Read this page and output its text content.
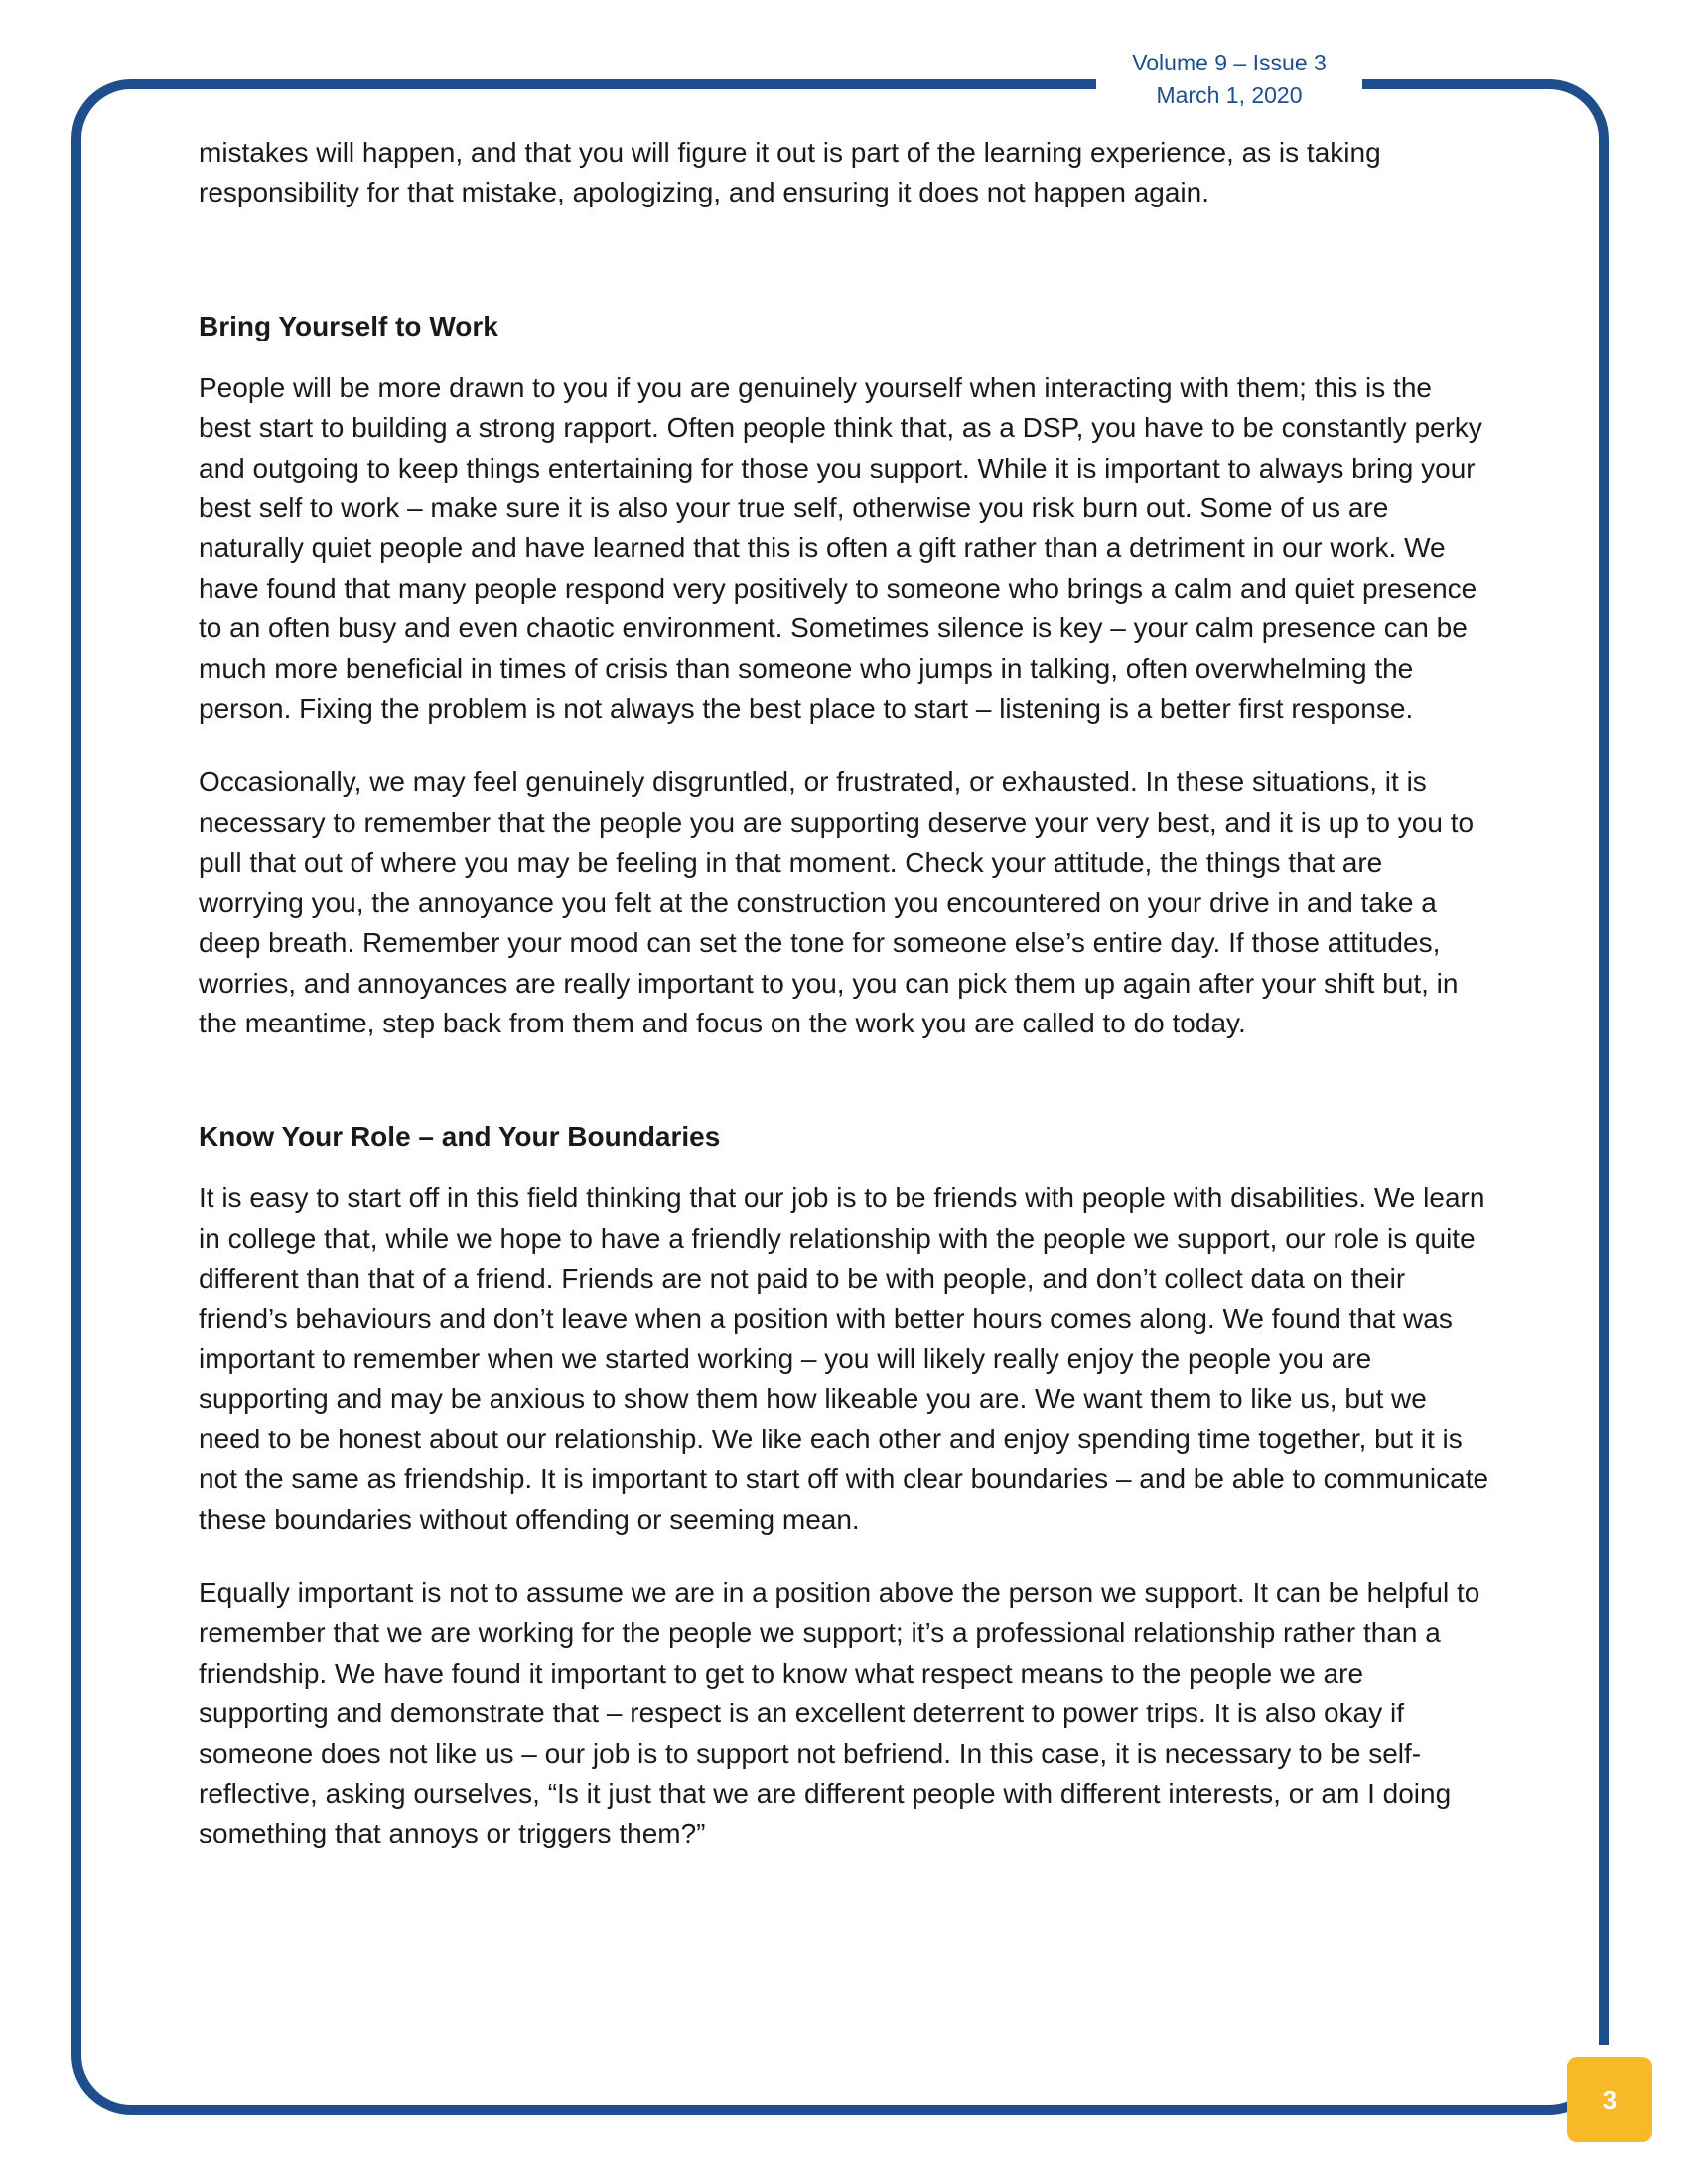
Volume 9 – Issue 3
March 1, 2020

mistakes will happen, and that you will figure it out is part of the learning experience, as is taking responsibility for that mistake, apologizing, and ensuring it does not happen again.

Bring Yourself to Work

People will be more drawn to you if you are genuinely yourself when interacting with them; this is the best start to building a strong rapport. Often people think that, as a DSP, you have to be constantly perky and outgoing to keep things entertaining for those you support. While it is important to always bring your best self to work – make sure it is also your true self, otherwise you risk burn out. Some of us are naturally quiet people and have learned that this is often a gift rather than a detriment in our work. We have found that many people respond very positively to someone who brings a calm and quiet presence to an often busy and even chaotic environment. Sometimes silence is key – your calm presence can be much more beneficial in times of crisis than someone who jumps in talking, often overwhelming the person. Fixing the problem is not always the best place to start – listening is a better first response.

Occasionally, we may feel genuinely disgruntled, or frustrated, or exhausted. In these situations, it is necessary to remember that the people you are supporting deserve your very best, and it is up to you to pull that out of where you may be feeling in that moment. Check your attitude, the things that are worrying you, the annoyance you felt at the construction you encountered on your drive in and take a deep breath. Remember your mood can set the tone for someone else’s entire day. If those attitudes, worries, and annoyances are really important to you, you can pick them up again after your shift but, in the meantime, step back from them and focus on the work you are called to do today.

Know Your Role – and Your Boundaries

It is easy to start off in this field thinking that our job is to be friends with people with disabilities. We learn in college that, while we hope to have a friendly relationship with the people we support, our role is quite different than that of a friend. Friends are not paid to be with people, and don’t collect data on their friend’s behaviours and don’t leave when a position with better hours comes along. We found that was important to remember when we started working – you will likely really enjoy the people you are supporting and may be anxious to show them how likeable you are. We want them to like us, but we need to be honest about our relationship. We like each other and enjoy spending time together, but it is not the same as friendship. It is important to start off with clear boundaries – and be able to communicate these boundaries without offending or seeming mean.

Equally important is not to assume we are in a position above the person we support. It can be helpful to remember that we are working for the people we support; it’s a professional relationship rather than a friendship. We have found it important to get to know what respect means to the people we are supporting and demonstrate that – respect is an excellent deterrent to power trips. It is also okay if someone does not like us – our job is to support not befriend. In this case, it is necessary to be self-reflective, asking ourselves, “Is it just that we are different people with different interests, or am I doing something that annoys or triggers them?”

3
